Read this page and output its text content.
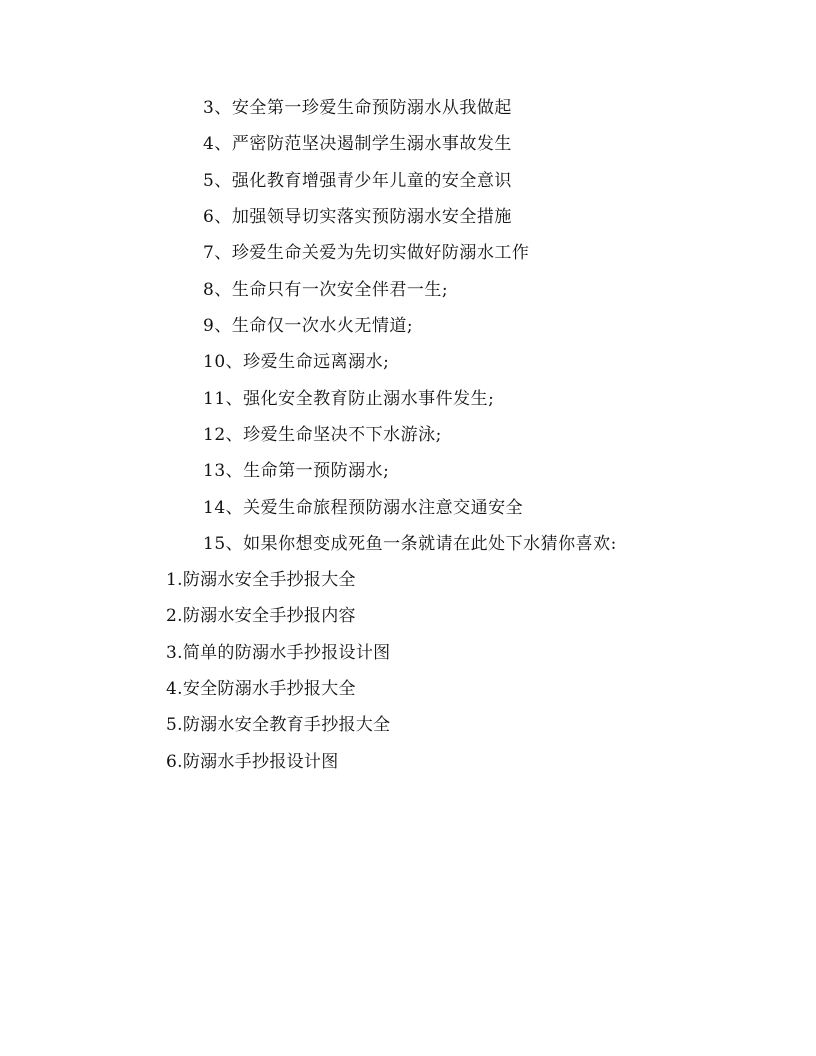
3、安全第一珍爱生命预防溺水从我做起
4、严密防范坚决遏制学生溺水事故发生
5、强化教育增强青少年儿童的安全意识
6、加强领导切实落实预防溺水安全措施
7、珍爱生命关爱为先切实做好防溺水工作
8、生命只有一次安全伴君一生;
9、生命仅一次水火无情道;
10、珍爱生命远离溺水;
11、强化安全教育防止溺水事件发生;
12、珍爱生命坚决不下水游泳;
13、生命第一预防溺水;
14、关爱生命旅程预防溺水注意交通安全
15、如果你想变成死鱼一条就请在此处下水猜你喜欢:
1.防溺水安全手抄报大全
2.防溺水安全手抄报内容
3.简单的防溺水手抄报设计图
4.安全防溺水手抄报大全
5.防溺水安全教育手抄报大全
6.防溺水手抄报设计图
